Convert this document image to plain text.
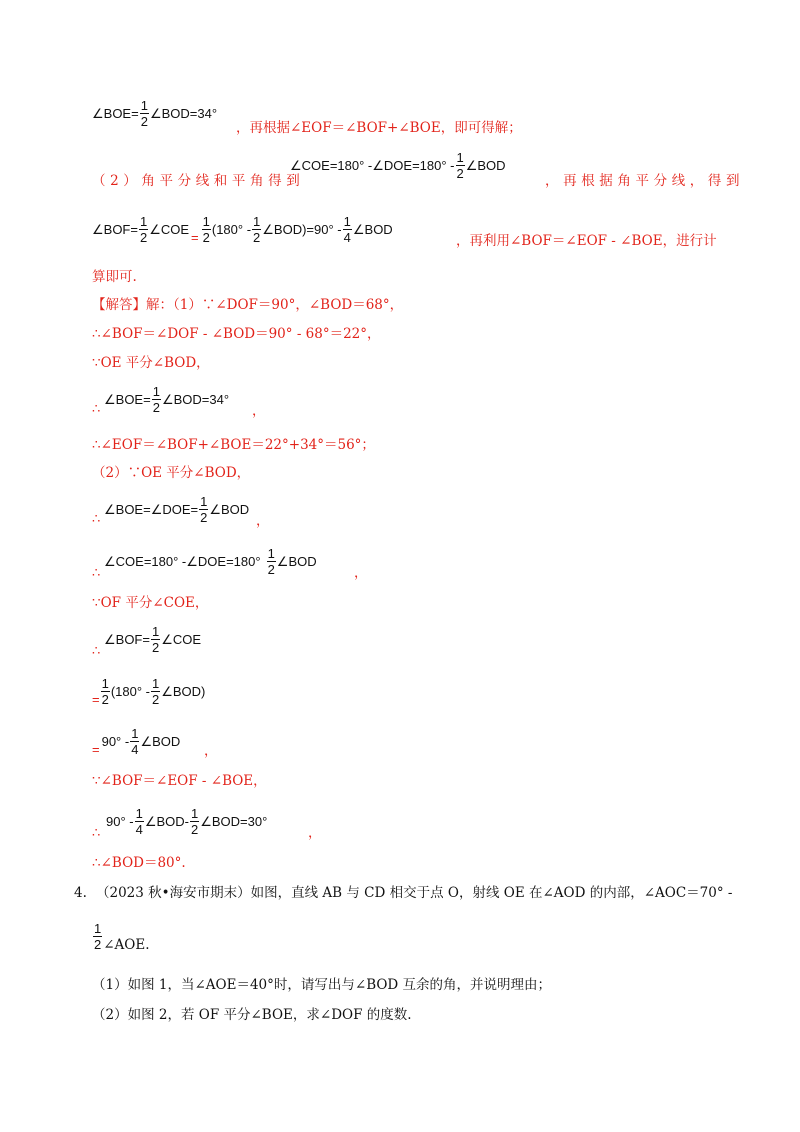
∠BOE= $\frac{1}{2}$ ∠BOD=34°
，再根据∠EOF＝∠BOF+∠BOE，即可得解；
（2）角平分线和平角得到
∠COE=180° -∠DOE=180° - $\frac{1}{2}$ ∠BOD
，再根据角平分线，得到
∠BOF= $\frac{1}{2}$ ∠COE
= $\frac{1}{2} (180^\circ - \frac{1}{2}$ ∠BOD)=90° - $\frac{1}{4}$ ∠BOD
，再利用∠BOF＝∠EOF - ∠BOE，进行计
算即可.
【解答】解：（1）∵∠DOF＝90°，∠BOD＝68°，
∴∠BOF＝∠DOF - ∠BOD＝90° - 68°＝22°，
∵OE 平分∠BOD，
∠BOE= $\frac{1}{2}$ ∠BOD=34°
∴	，
∴∠EOF＝∠BOF+∠BOE＝22°+34°＝56°；
（2）∵OE 平分∠BOD，
∠BOE=∠DOE= $\frac{1}{2}$ ∠BOD
∴	，
∠COE=180° -∠DOE=180° $\frac{1}{2}$ ∠BOD
∴	，
∵OF 平分∠COE，
∠BOF= $\frac{1}{2}$ ∠COE
∴
= $\frac{1}{2} (180^\circ - \frac{1}{2}$ ∠BOD)
=
$90^\circ - \frac{1}{4}$ ∠BOD
，
∵∠BOF＝∠EOF - ∠BOE，
$90^\circ - \frac{1}{4}$ ∠BOD- $\frac{1}{2}$ ∠BOD=30°
∴	，
∴∠BOD＝80°.
4. （2023 秋•海安市期末）如图，直线 AB 与 CD 相交于点 O，射线 OE 在∠AOD 的内部，∠AOC＝70° -
$\frac{1}{2}$ ∠AOE.
（1）如图 1，当∠AOE＝40°时，请写出与∠BOD 互余的角，并说明理由；
（2）如图 2，若 OF 平分∠BOE，求∠DOF 的度数.
